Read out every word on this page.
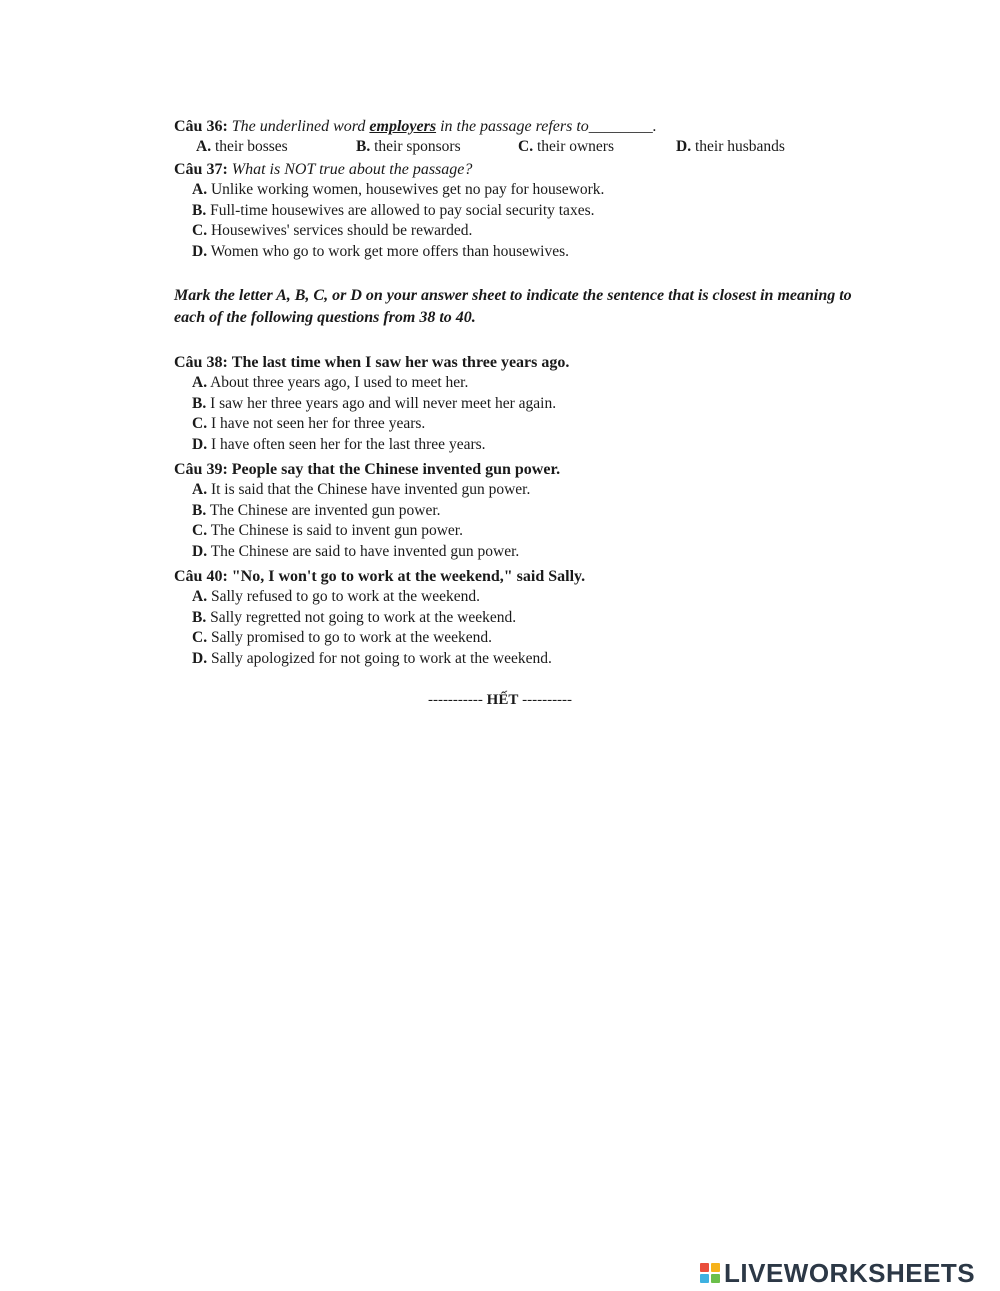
Câu 36: The underlined word employers in the passage refers to________.
A. their bosses	B. their sponsors	C. their owners	D. their husbands
Câu 37: What is NOT true about the passage?
A. Unlike working women, housewives get no pay for housework.
B. Full-time housewives are allowed to pay social security taxes.
C. Housewives' services should be rewarded.
D. Women who go to work get more offers than housewives.
Mark the letter A, B, C, or D on your answer sheet to indicate the sentence that is closest in meaning to
each of the following questions from 38 to 40.
Câu 38: The last time when I saw her was three years ago.
A. About three years ago, I used to meet her.
B. I saw her three years ago and will never meet her again.
C. I have not seen her for three years.
D. I have often seen her for the last three years.
Câu 39: People say that the Chinese invented gun power.
A. It is said that the Chinese have invented gun power.
B. The Chinese are invented gun power.
C. The Chinese is said to invent gun power.
D. The Chinese are said to have invented gun power.
Câu 40: "No, I won't go to work at the weekend," said Sally.
A. Sally refused to go to work at the weekend.
B. Sally regretted not going to work at the weekend.
C. Sally promised to go to work at the weekend.
D. Sally apologized for not going to work at the weekend.
----------- HẾT ----------
LIVEWORKSHEETS
